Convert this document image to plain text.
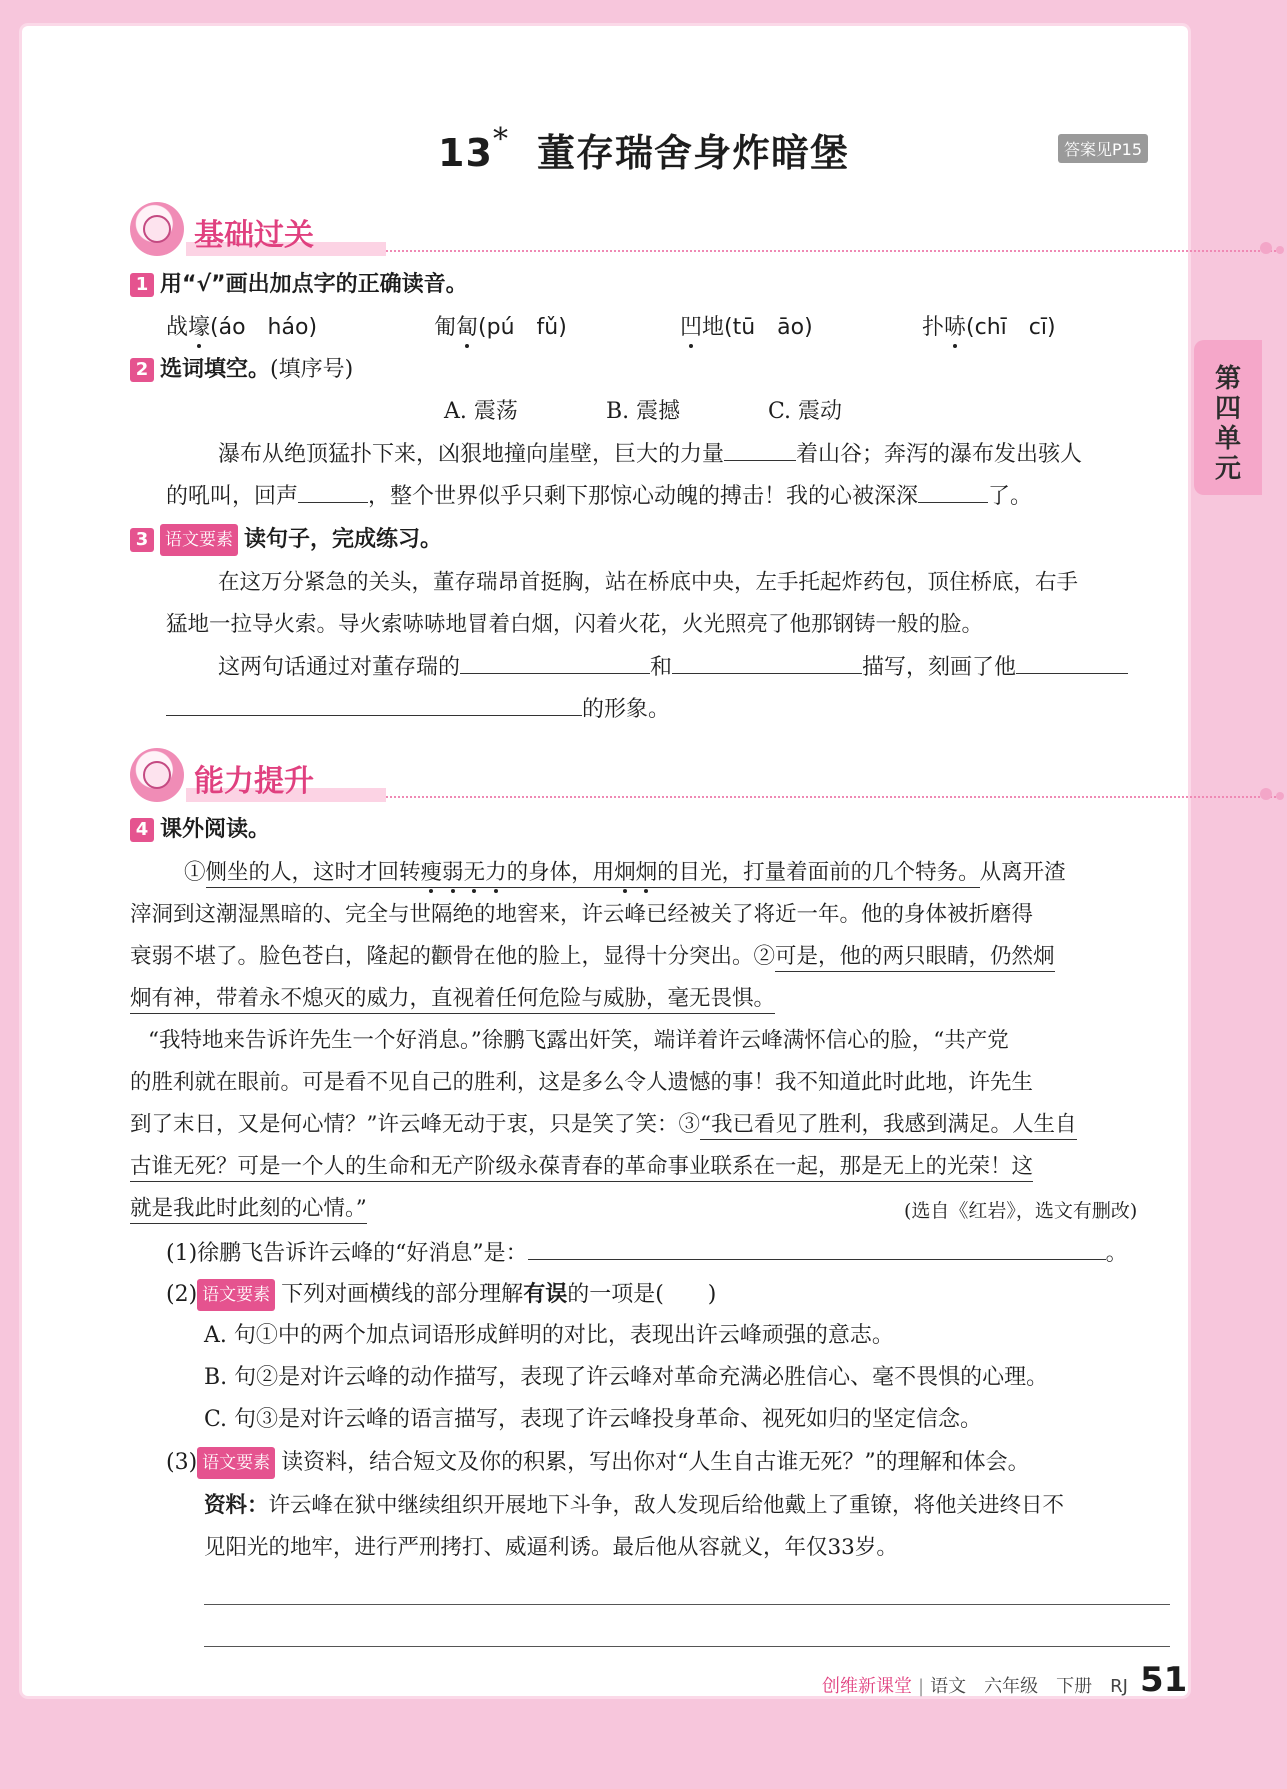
13* 董存瑞舍身炸暗堡	答案见P15
第四单元
基础过关
1 用“√”画出加点字的正确读音。
战壕(áo　háo)	匍匐(pú　fǔ)	凹地(tū　āo)	扑哧(chī　cī)
2 选词填空。(填序号)
A. 震荡	B. 震撼	C. 震动
瀑布从绝顶猛扑下来，凶狠地撞向崖壁，巨大的力量	着山谷；奔泻的瀑布发出骇人
的吼叫，回声	，整个世界似乎只剩下那惊心动魄的搏击！我的心被深深	了。
3 语文要素 读句子，完成练习。
在这万分紧急的关头，董存瑞昂首挺胸，站在桥底中央，左手托起炸药包，顶住桥底，右手
猛地一拉导火索。导火索哧哧地冒着白烟，闪着火花，火光照亮了他那钢铸一般的脸。
这两句话通过对董存瑞的	和	描写，刻画了他
的形象。
能力提升
4 课外阅读。
①侧坐的人，这时才回转瘦弱无力的身体，用炯炯的目光，打量着面前的几个特务。从离开渣
滓洞到这潮湿黑暗的、完全与世隔绝的地窖来，许云峰已经被关了将近一年。他的身体被折磨得
衰弱不堪了。脸色苍白，隆起的颧骨在他的脸上，显得十分突出。②可是，他的两只眼睛，仍然炯
炯有神，带着永不熄灭的威力，直视着任何危险与威胁，毫无畏惧。
“我特地来告诉许先生一个好消息。”徐鹏飞露出奸笑，端详着许云峰满怀信心的脸，“共产党
的胜利就在眼前。可是看不见自己的胜利，这是多么令人遗憾的事！我不知道此时此地，许先生
到了末日，又是何心情？”许云峰无动于衷，只是笑了笑：③“我已看见了胜利，我感到满足。人生自
古谁无死？可是一个人的生命和无产阶级永葆青春的革命事业联系在一起，那是无上的光荣！这
就是我此时此刻的心情。”	(选自《红岩》，选文有删改)
(1)徐鹏飞告诉许云峰的“好消息”是：	。
(2) 语文要素 下列对画横线的部分理解有误的一项是(　　)
A. 句①中的两个加点词语形成鲜明的对比，表现出许云峰顽强的意志。
B. 句②是对许云峰的动作描写，表现了许云峰对革命充满必胜信心、毫不畏惧的心理。
C. 句③是对许云峰的语言描写，表现了许云峰投身革命、视死如归的坚定信念。
(3) 语文要素 读资料，结合短文及你的积累，写出你对“人生自古谁无死？”的理解和体会。
资料：许云峰在狱中继续组织开展地下斗争，敌人发现后给他戴上了重镣，将他关进终日不
见阳光的地牢，进行严刑拷打、威逼利诱。最后他从容就义，年仅33岁。
创维新课堂 | 语文　六年级　下册　RJ 51
